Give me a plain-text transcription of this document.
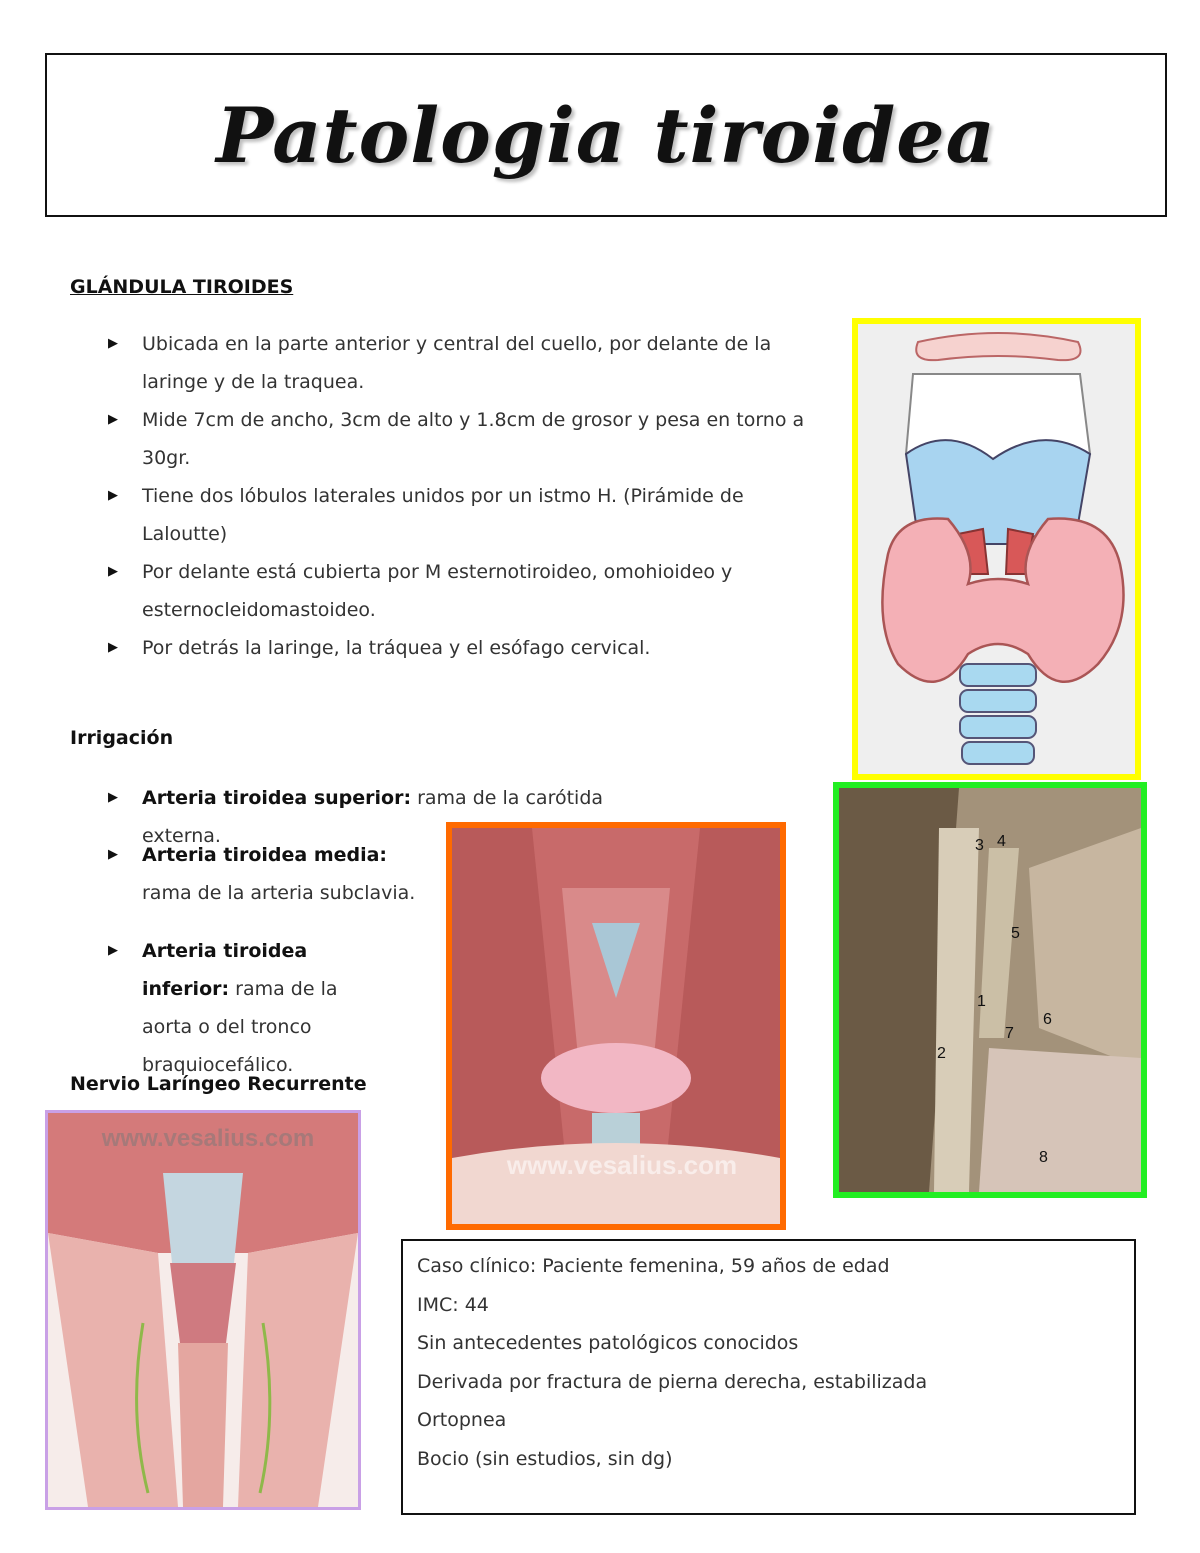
Patologia tiroidea
GLÁNDULA TIROIDES
▶ Ubicada en la parte anterior y central del cuello, por delante de la laringe y de la traquea.
▶ Mide 7cm de ancho, 3cm de alto y 1.8cm de grosor y pesa en torno a 30gr.
▶ Tiene dos lóbulos laterales unidos por un istmo H. (Pirámide de Laloutte)
▶ Por delante está cubierta por M esternotiroideo, omohioideo y esternocleidomastoideo.
▶ Por detrás la laringe, la tráquea y el esófago cervical.
Irrigación
▶ Arteria tiroidea superior: rama de la carótida externa.
▶ Arteria tiroidea media: rama de la arteria subclavia.
▶ Arteria tiroidea inferior: rama de la aorta o del tronco braquiocefálico.
Nervio Laríngeo Recurrente
3 4
5
1
6
7
2
8
www.vesalius.com
www.vesalius.com
Caso clínico: Paciente femenina, 59 años de edad
IMC: 44
Sin antecedentes patológicos conocidos
Derivada por fractura de pierna derecha, estabilizada
Ortopnea
Bocio (sin estudios, sin dg)
